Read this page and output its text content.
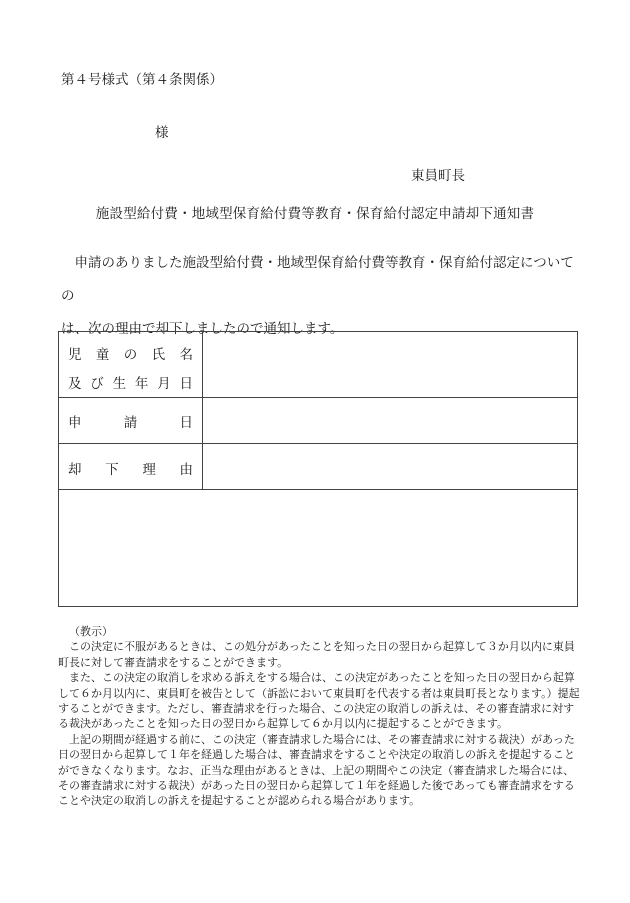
第４号様式（第４条関係）
様
東員町長
施設型給付費・地域型保育給付費等教育・保育給付認定申請却下通知書

申請のありました施設型給付費・地域型保育給付費等教育・保育給付認定についての

は、次の理由で却下しましたので通知します。

児 童 の 氏 名
及 び 生 年 月 日
申	請	日
却 下 理 由

（教示）

この決定に不服があるときは、この処分があったことを知った日の翌日から起算して３か月以内に東員町長に対して審査請求をすることができます。

また、この決定の取消しを求める訴えをする場合は、この決定があったことを知った日の翌日から起算して６か月以内に、東員町を被告として（訴訟において東員町を代表する者は東員町長となります。）提起することができます。ただし、審査請求を行った場合、この決定の取消しの訴えは、その審査請求に対する裁決があったことを知った日の翌日から起算して６か月以内に提起することができます。

上記の期間が経過する前に、この決定（審査請求した場合には、その審査請求に対する裁決）があった日の翌日から起算して１年を経過した場合は、審査請求をすることや決定の取消しの訴えを提起することができなくなります。なお、正当な理由があるときは、上記の期間やこの決定（審査請求した場合には、その審査請求に対する裁決）があった日の翌日から起算して１年を経過した後であっても審査請求をすることや決定の取消しの訴えを提起することが認められる場合があります。
